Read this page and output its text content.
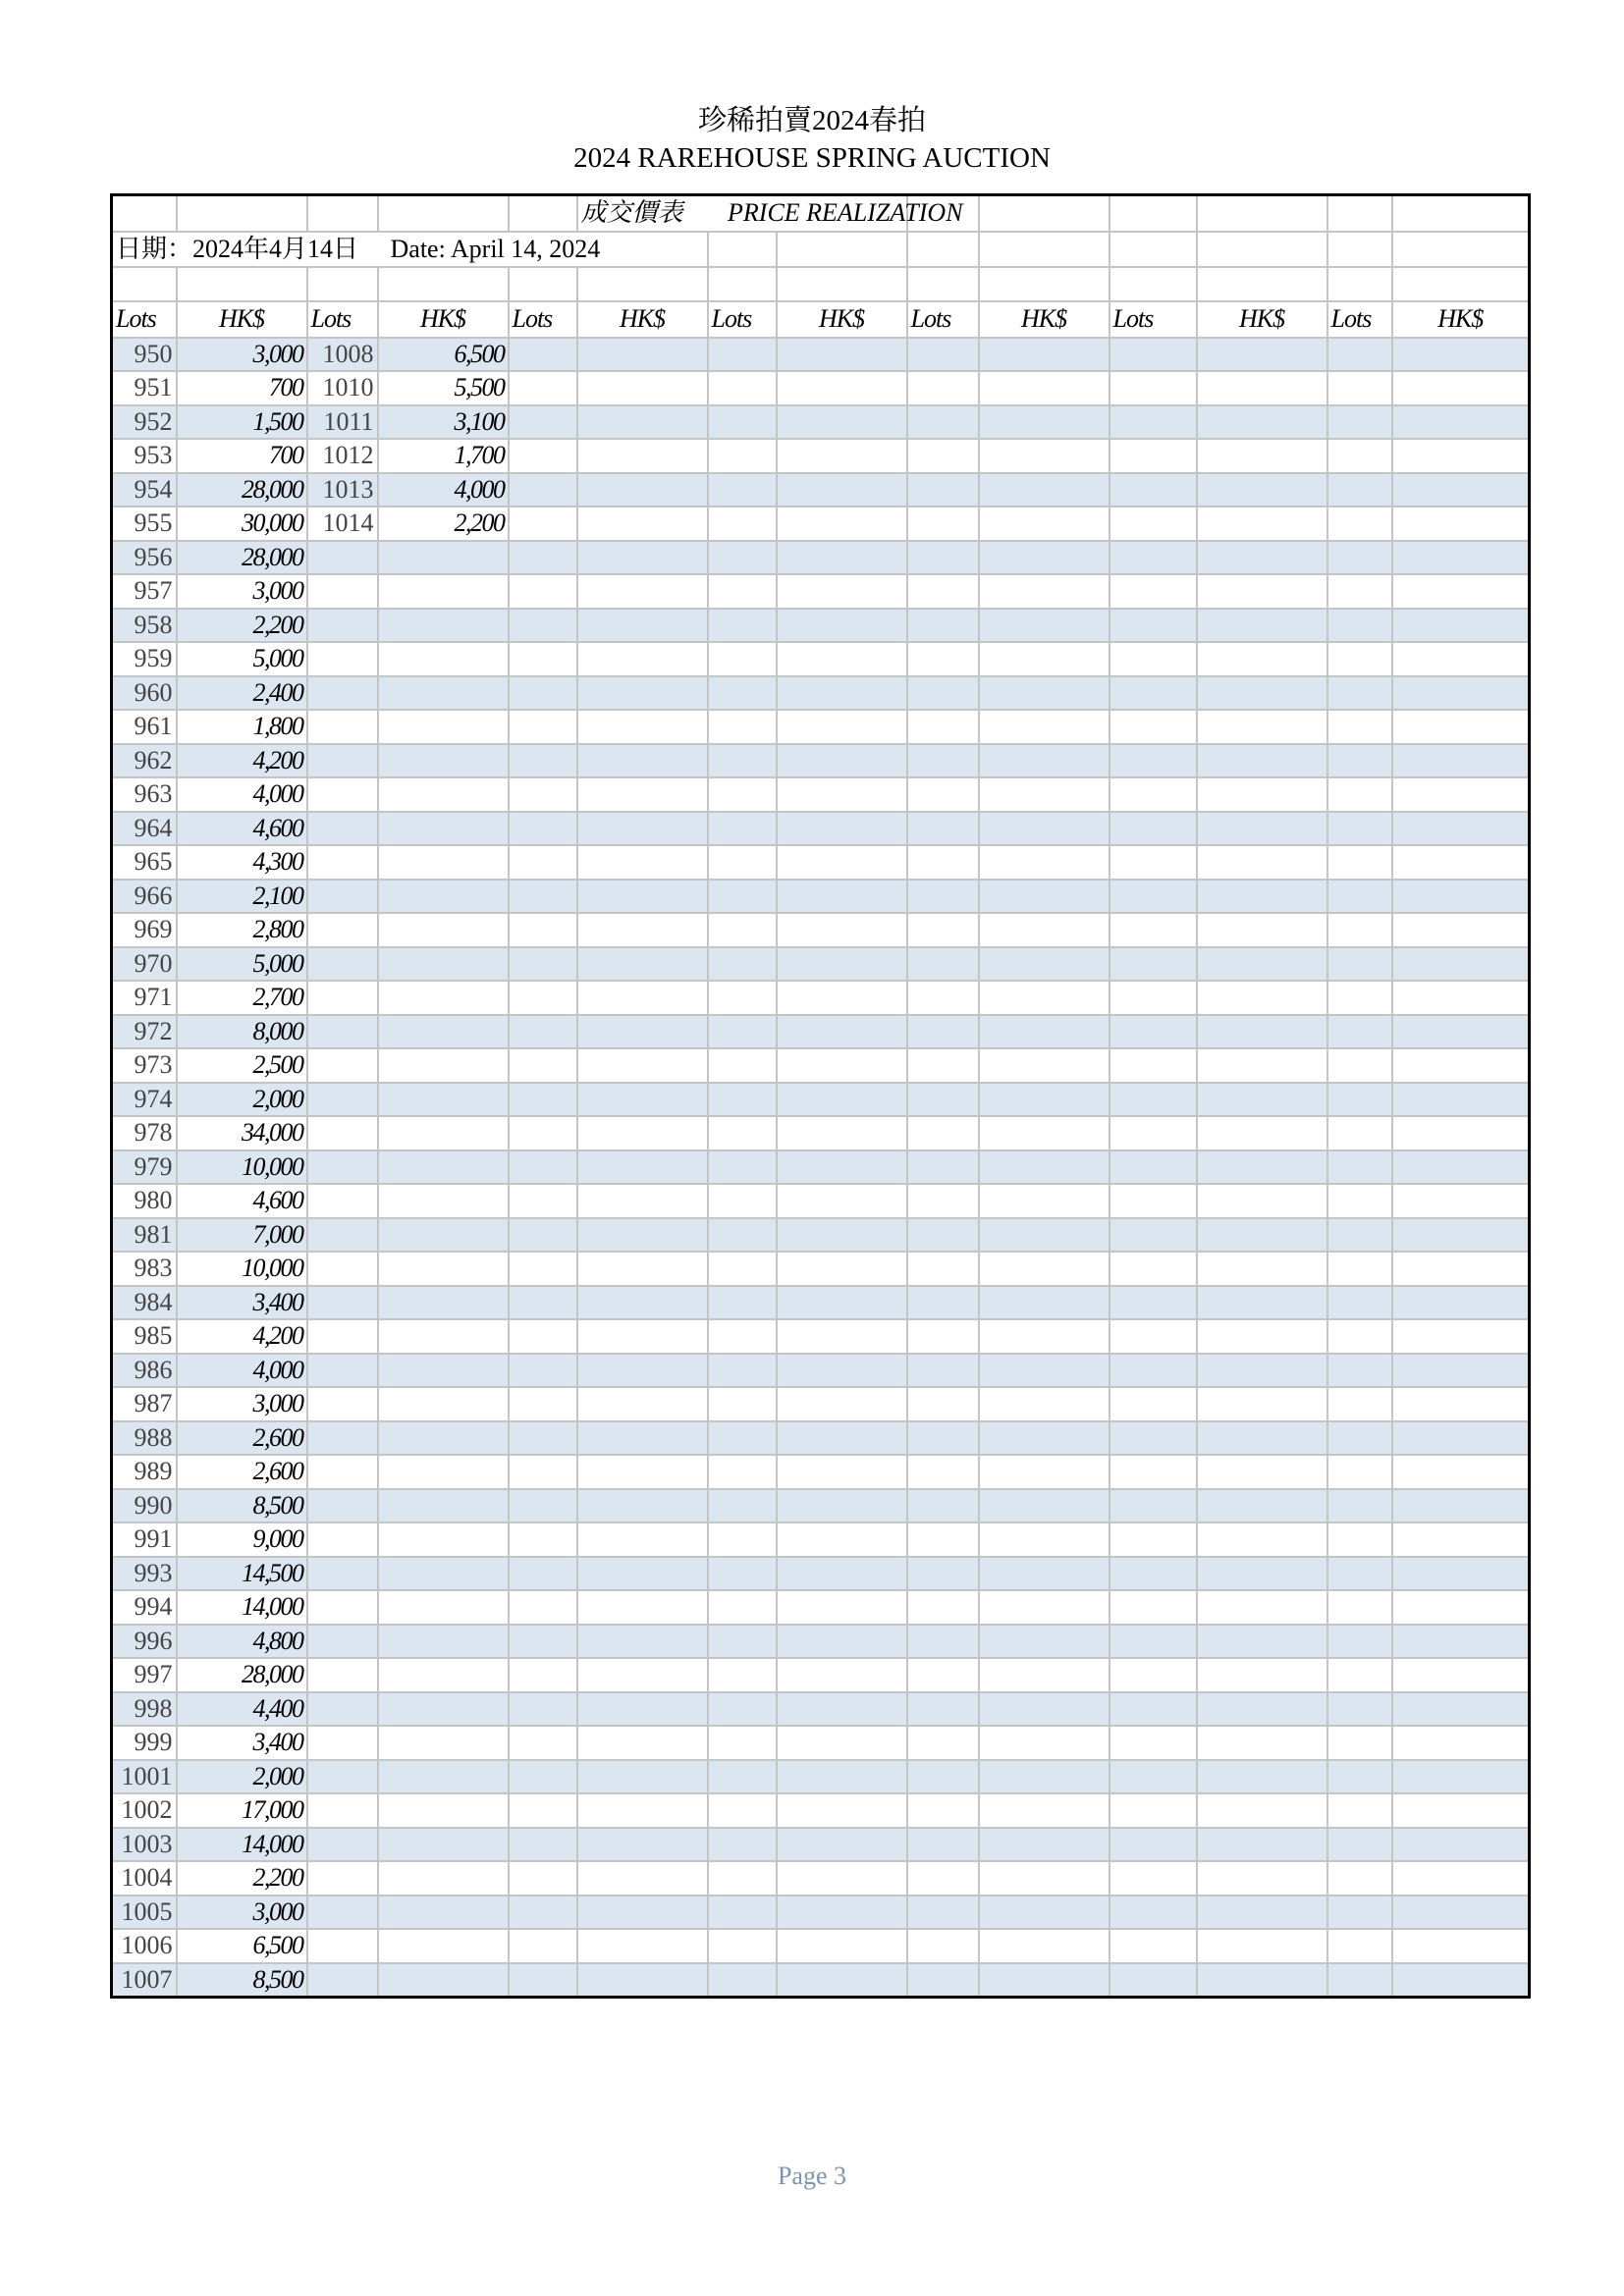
珍稀拍賣2024春拍

2024 RAREHOUSE SPRING AUCTION

					成交價表 PRICE REALIZATION								
日期：2024年4月14日 Date: April 14, 2024													

Lots	HK$	Lots	HK$	Lots	HK$	Lots	HK$	Lots	HK$	Lots	HK$	Lots	HK$
950	3,000	1008	6,500										
951	700	1010	5,500										
952	1,500	1011	3,100										
953	700	1012	1,700										
954	28,000	1013	4,000										
955	30,000	1014	2,200										
956	28,000												
957	3,000												
958	2,200												
959	5,000												
960	2,400												
961	1,800												
962	4,200												
963	4,000												
964	4,600												
965	4,300												
966	2,100												
969	2,800												
970	5,000												
971	2,700												
972	8,000												
973	2,500												
974	2,000												
978	34,000												
979	10,000												
980	4,600												
981	7,000												
983	10,000												
984	3,400												
985	4,200												
986	4,000												
987	3,000												
988	2,600												
989	2,600												
990	8,500												
991	9,000												
993	14,500												
994	14,000												
996	4,800												
997	28,000												
998	4,400												
999	3,400												
1001	2,000												
1002	17,000												
1003	14,000												
1004	2,200												
1005	3,000												
1006	6,500												
1007	8,500												
Page 3
